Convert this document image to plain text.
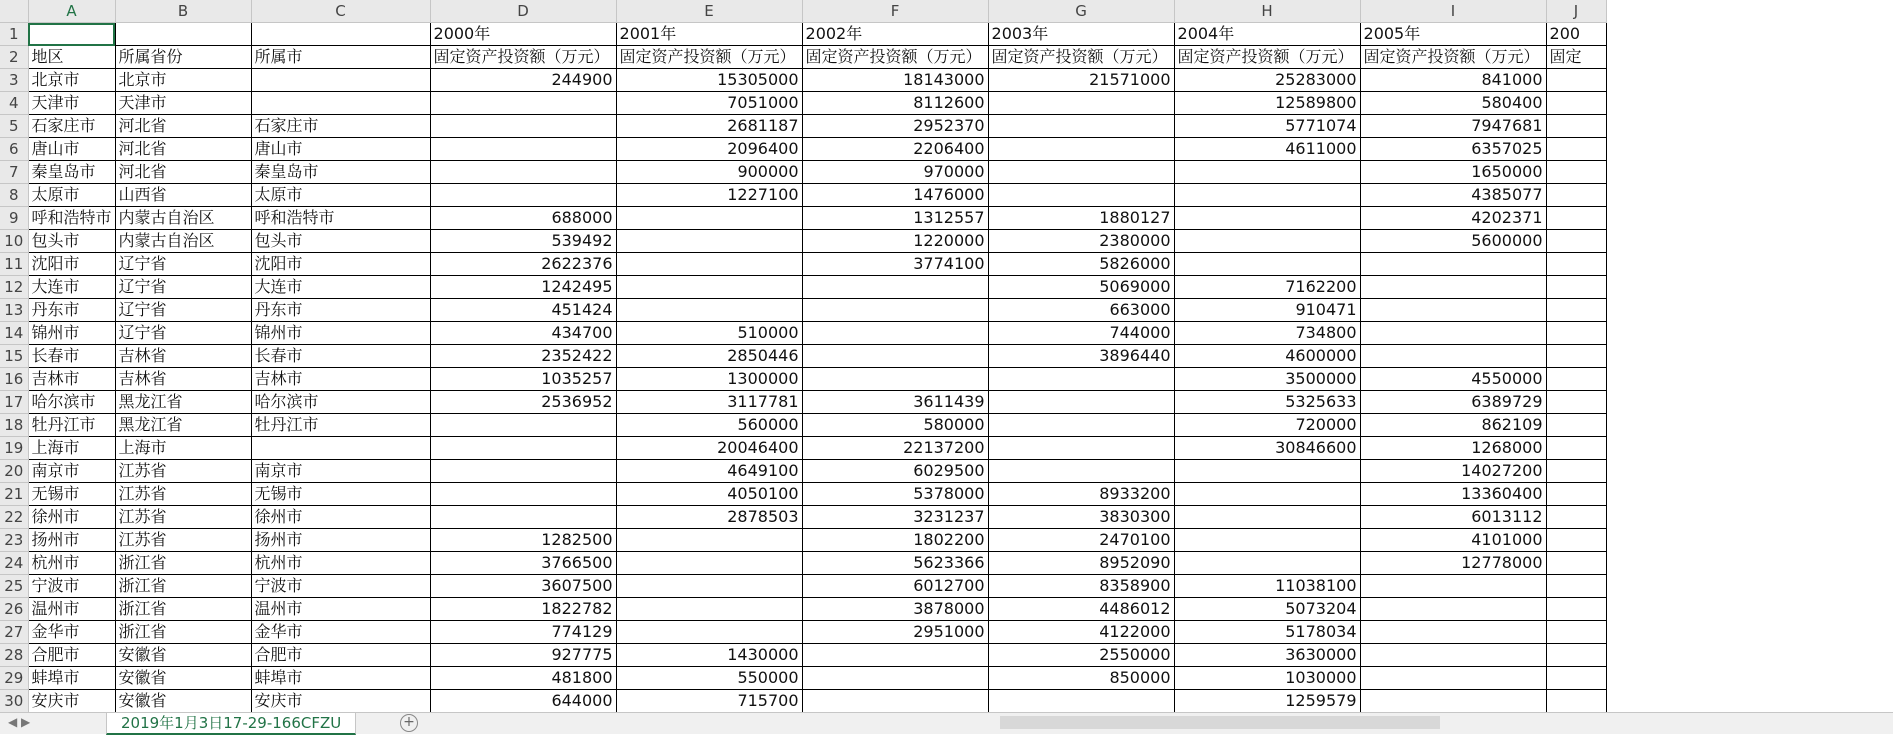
	A	B	C	D	E	F	G	H	I	J
1				2000年	2001年	2002年	2003年	2004年	2005年	200
2	地区	所属省份	所属市	固定资产投资额（万元）	固定资产投资额（万元）	固定资产投资额（万元）	固定资产投资额（万元）	固定资产投资额（万元）	固定资产投资额（万元）	固定
3	北京市	北京市		244900	15305000	18143000	21571000	25283000	841000	
4	天津市	天津市			7051000	8112600		12589800	580400	
5	石家庄市	河北省	石家庄市		2681187	2952370		5771074	7947681	
6	唐山市	河北省	唐山市		2096400	2206400		4611000	6357025	
7	秦皇岛市	河北省	秦皇岛市		900000	970000			1650000	
8	太原市	山西省	太原市		1227100	1476000			4385077	
9	呼和浩特市	内蒙古自治区	呼和浩特市	688000		1312557	1880127		4202371	
10	包头市	内蒙古自治区	包头市	539492		1220000	2380000		5600000	
11	沈阳市	辽宁省	沈阳市	2622376		3774100	5826000			
12	大连市	辽宁省	大连市	1242495			5069000	7162200		
13	丹东市	辽宁省	丹东市	451424			663000	910471		
14	锦州市	辽宁省	锦州市	434700	510000		744000	734800		
15	长春市	吉林省	长春市	2352422	2850446		3896440	4600000		
16	吉林市	吉林省	吉林市	1035257	1300000			3500000	4550000	
17	哈尔滨市	黑龙江省	哈尔滨市	2536952	3117781	3611439		5325633	6389729	
18	牡丹江市	黑龙江省	牡丹江市		560000	580000		720000	862109	
19	上海市	上海市			20046400	22137200		30846600	1268000	
20	南京市	江苏省	南京市		4649100	6029500			14027200	
21	无锡市	江苏省	无锡市		4050100	5378000	8933200		13360400	
22	徐州市	江苏省	徐州市		2878503	3231237	3830300		6013112	
23	扬州市	江苏省	扬州市	1282500		1802200	2470100		4101000	
24	杭州市	浙江省	杭州市	3766500		5623366	8952090		12778000	
25	宁波市	浙江省	宁波市	3607500		6012700	8358900	11038100		
26	温州市	浙江省	温州市	1822782		3878000	4486012	5073204		
27	金华市	浙江省	金华市	774129		2951000	4122000	5178034		
28	合肥市	安徽省	合肥市	927775	1430000		2550000	3630000		
29	蚌埠市	安徽省	蚌埠市	481800	550000		850000	1030000		
30	安庆市	安徽省	安庆市	644000	715700			1259579		

◀ ▶	2019年1月3日17-29-166CFZU	+
